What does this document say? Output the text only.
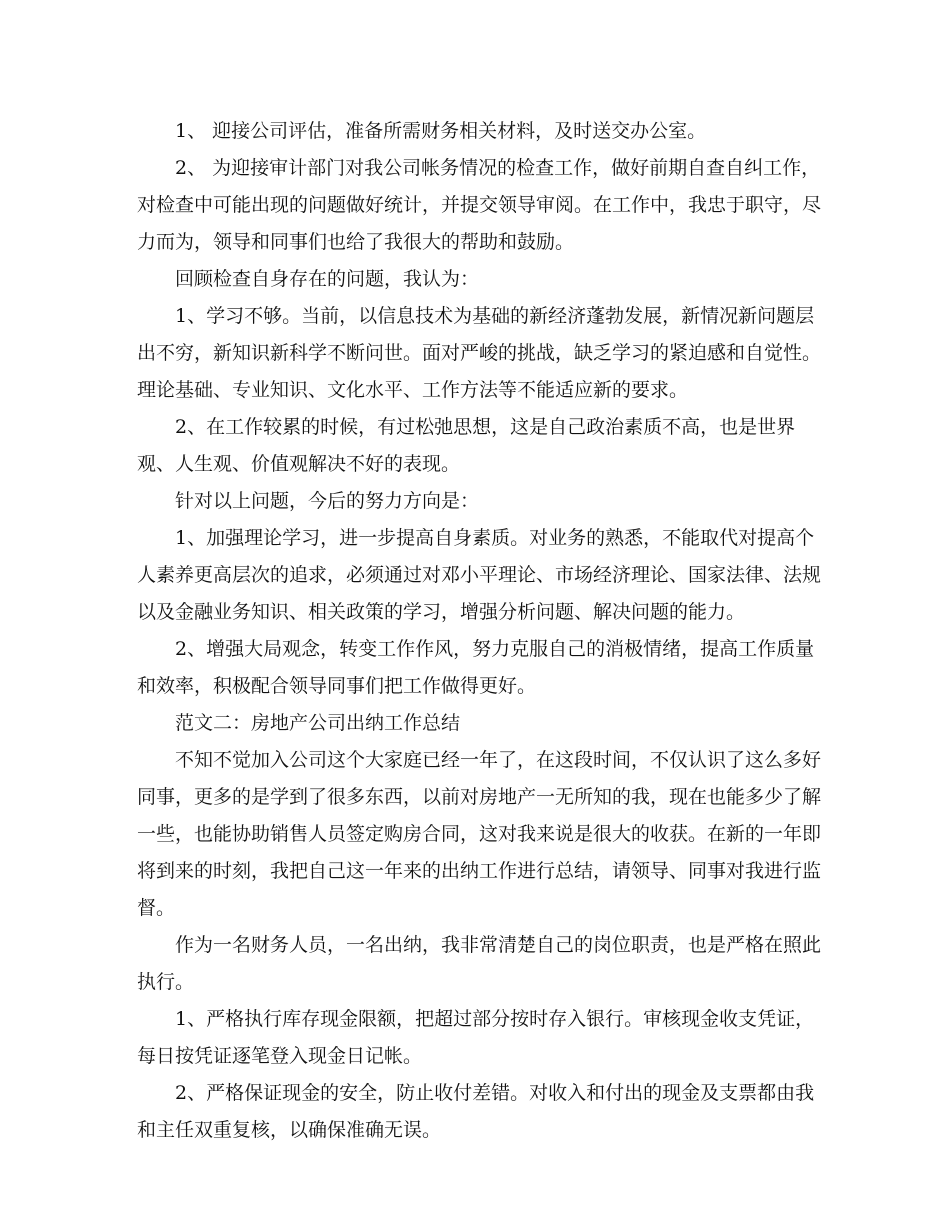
1、 迎接公司评估，准备所需财务相关材料，及时送交办公室。

2、 为迎接审计部门对我公司帐务情况的检查工作，做好前期自查自纠工作，对检查中可能出现的问题做好统计，并提交领导审阅。在工作中，我忠于职守，尽力而为，领导和同事们也给了我很大的帮助和鼓励。

回顾检查自身存在的问题，我认为：

1、学习不够。当前，以信息技术为基础的新经济蓬勃发展，新情况新问题层出不穷，新知识新科学不断问世。面对严峻的挑战，缺乏学习的紧迫感和自觉性。理论基础、专业知识、文化水平、工作方法等不能适应新的要求。

2、在工作较累的时候，有过松弛思想，这是自己政治素质不高，也是世界观、人生观、价值观解决不好的表现。

针对以上问题，今后的努力方向是：

1、加强理论学习，进一步提高自身素质。对业务的熟悉，不能取代对提高个人素养更高层次的追求，必须通过对邓小平理论、市场经济理论、国家法律、法规以及金融业务知识、相关政策的学习，增强分析问题、解决问题的能力。

2、增强大局观念，转变工作作风，努力克服自己的消极情绪，提高工作质量和效率，积极配合领导同事们把工作做得更好。

范文二：房地产公司出纳工作总结

不知不觉加入公司这个大家庭已经一年了，在这段时间，不仅认识了这么多好同事，更多的是学到了很多东西，以前对房地产一无所知的我，现在也能多少了解一些，也能协助销售人员签定购房合同，这对我来说是很大的收获。在新的一年即将到来的时刻，我把自己这一年来的出纳工作进行总结，请领导、同事对我进行监督。

作为一名财务人员，一名出纳，我非常清楚自己的岗位职责，也是严格在照此执行。

1、严格执行库存现金限额，把超过部分按时存入银行。审核现金收支凭证，每日按凭证逐笔登入现金日记帐。

2、严格保证现金的安全，防止收付差错。对收入和付出的现金及支票都由我和主任双重复核，以确保准确无误。
